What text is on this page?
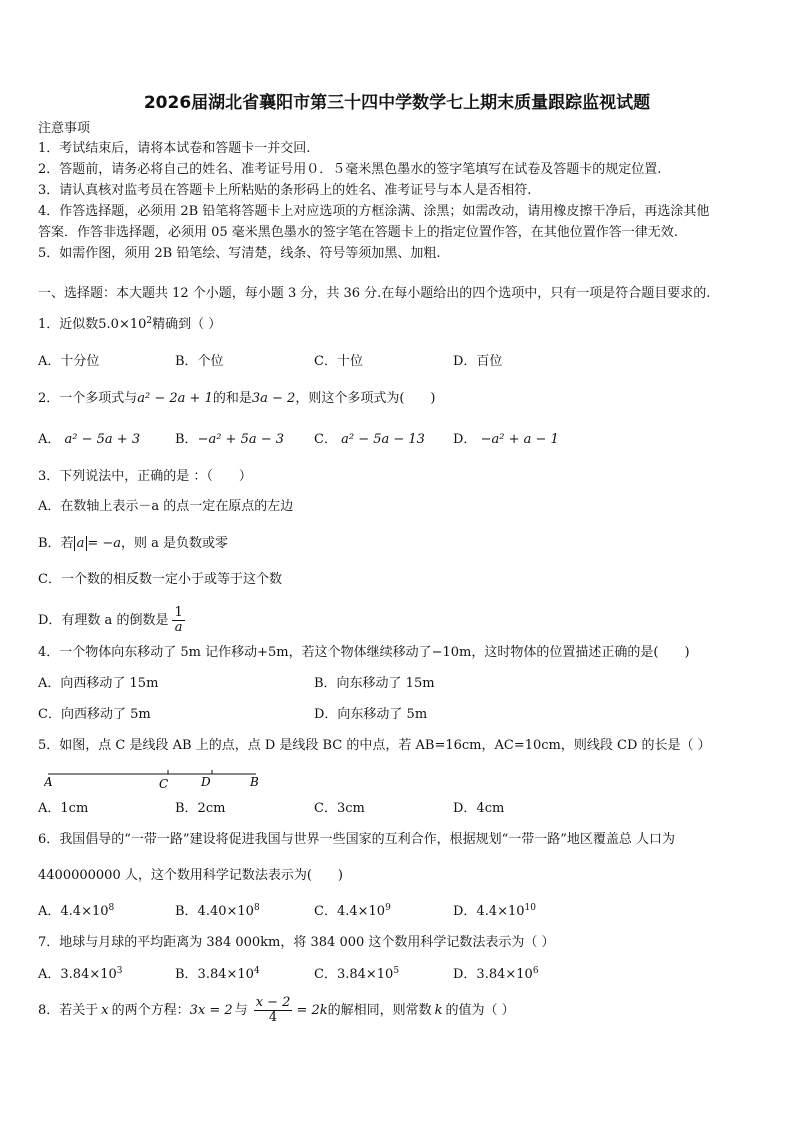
2026届湖北省襄阳市第三十四中学数学七上期末质量跟踪监视试题
注意事项
1．考试结束后，请将本试卷和答题卡一并交回.
2．答题前，请务必将自己的姓名、准考证号用０．５毫米黑色墨水的签字笔填写在试卷及答题卡的规定位置.
3．请认真核对监考员在答题卡上所粘贴的条形码上的姓名、准考证号与本人是否相符.
4．作答选择题，必须用 2B 铅笔将答题卡上对应选项的方框涂满、涂黑；如需改动，请用橡皮擦干净后，再选涂其他
答案．作答非选择题，必须用 05 毫米黑色墨水的签字笔在答题卡上的指定位置作答，在其他位置作答一律无效.
5．如需作图，须用 2B 铅笔绘、写清楚，线条、符号等须加黑、加粗.
一、选择题：本大题共 12 个小题，每小题 3 分，共 36 分.在每小题给出的四个选项中，只有一项是符合题目要求的.
1．近似数$5.0\times 10^2$精确到（ ）
A．十分位	B．个位	C．十位	D．百位
2．一个多项式与a² − 2a + 1的和是3a − 2，则这个多项式为(　　)
A． a² − 5a + 3	B．−a² + 5a − 3 C． a² − 5a − 13 D． −a² + a − 1
3．下列说法中，正确的是 ：（　　）
A．在数轴上表示－a 的点一定在原点的左边
B．若 a = −a，则 a 是负数或零
C．一个数的相反数一定小于或等于这个数
D．有理数 a 的倒数是 $\frac{1}{a}$
4．一个物体向东移动了 5m 记作移动+5m，若这个物体继续移动了−10m，这时物体的位置描述正确的是(　　)
A．向西移动了 15m	B．向东移动了 15m
C．向西移动了 5m	D．向东移动了 5m
5．如图，点 C 是线段 AB 上的点，点 D 是线段 BC 的中点，若 AB=16cm，AC=10cm，则线段 CD 的长是（ ）
A	C	D	B
A．1cm	B．2cm	C．3cm	D．4cm
6．我国倡导的“一带一路”建设将促进我国与世界一些国家的互利合作，根据规划“一带一路”地区覆盖总 人口为
4400000000 人，这个数用科学记数法表示为(　　)
A．$4.4\times 10^8$	B．$4.40\times 10^8$	C．$4.4\times 10^9$	D．$4.4\times 10^{10}$
7．地球与月球的平均距离为 384 000km，将 384 000 这个数用科学记数法表示为（ ）
A．$3.84\times 10^3$	B．$3.84\times 10^4$	C．$3.84\times 10^5$	D．$3.84\times 10^6$
8．若关于 x 的两个方程：3x = 2 与 $\frac{x - 2}{4} = 2k$的解相同，则常数 k 的值为（ ）
